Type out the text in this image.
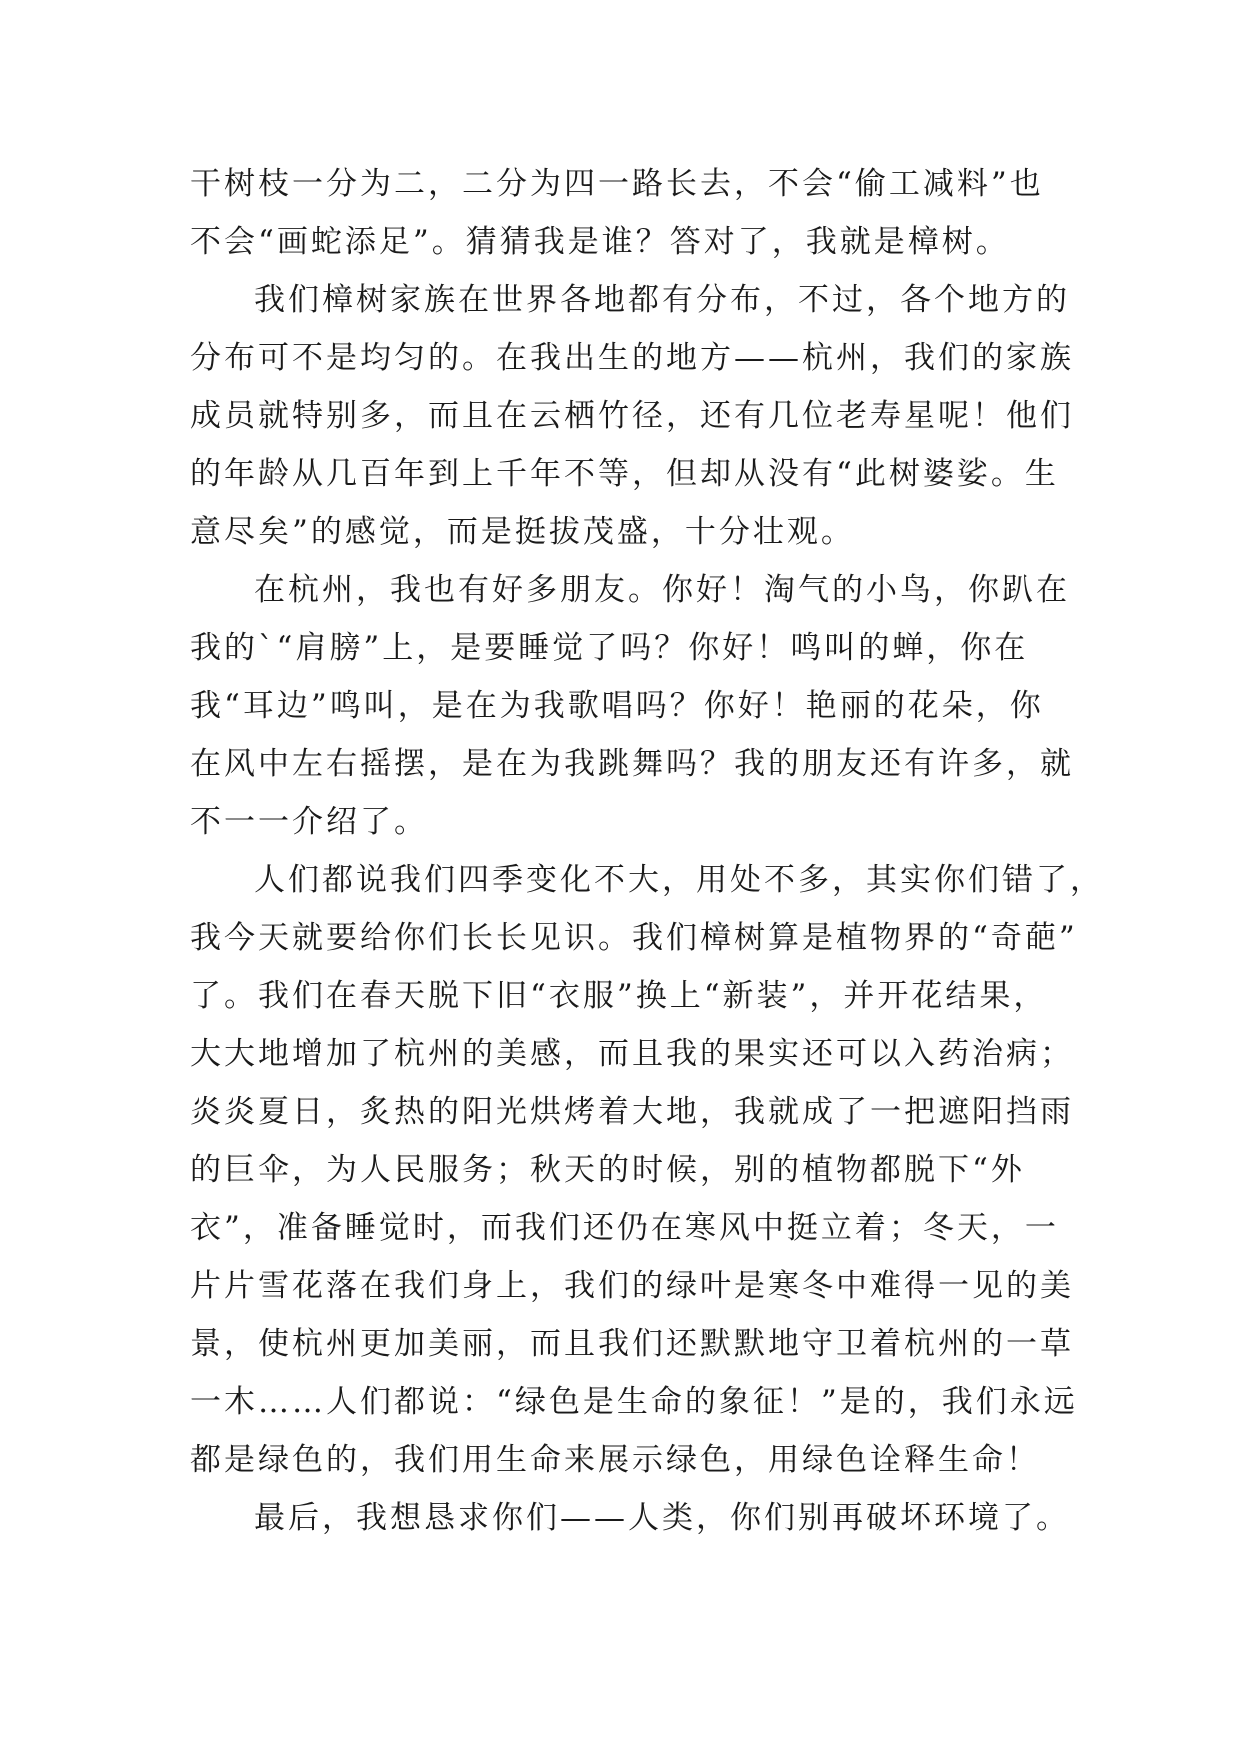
干树枝一分为二，二分为四一路长去，不会“偷工减料”也
不会“画蛇添足”。猜猜我是谁？答对了，我就是樟树。
我们樟树家族在世界各地都有分布，不过，各个地方的
分布可不是均匀的。在我出生的地方——杭州，我们的家族
成员就特别多，而且在云栖竹径，还有几位老寿星呢！他们
的年龄从几百年到上千年不等，但却从没有“此树婆娑。生
意尽矣”的感觉，而是挺拔茂盛，十分壮观。
在杭州，我也有好多朋友。你好！淘气的小鸟，你趴在
我的`“肩膀”上，是要睡觉了吗？你好！鸣叫的蝉，你在
我“耳边”鸣叫，是在为我歌唱吗？你好！艳丽的花朵，你
在风中左右摇摆，是在为我跳舞吗？我的朋友还有许多，就
不一一介绍了。
人们都说我们四季变化不大，用处不多，其实你们错了，
我今天就要给你们长长见识。我们樟树算是植物界的“奇葩”
了。我们在春天脱下旧“衣服”换上“新装”，并开花结果，
大大地增加了杭州的美感，而且我的果实还可以入药治病；
炎炎夏日，炙热的阳光烘烤着大地，我就成了一把遮阳挡雨
的巨伞，为人民服务；秋天的时候，别的植物都脱下“外
衣”，准备睡觉时，而我们还仍在寒风中挺立着；冬天，一
片片雪花落在我们身上，我们的绿叶是寒冬中难得一见的美
景，使杭州更加美丽，而且我们还默默地守卫着杭州的一草
一木……人们都说：“绿色是生命的象征！”是的，我们永远
都是绿色的，我们用生命来展示绿色，用绿色诠释生命！
最后，我想恳求你们——人类，你们别再破坏环境了。
